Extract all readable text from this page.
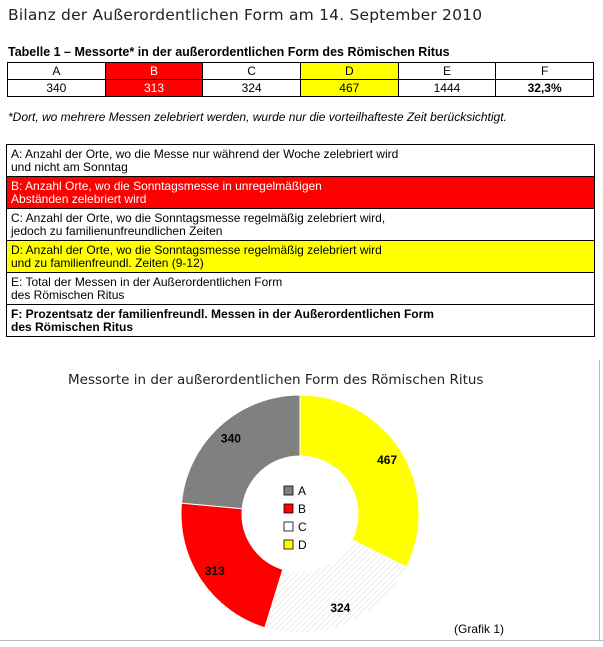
Bilanz der Außerordentlichen Form am 14. September 2010
Tabelle 1 – Messorte* in der außerordentlichen Form des Römischen Ritus
A	B	C	D	E	F
340	313	324	467	1444	32,3%
*Dort, wo mehrere Messen zelebriert werden, wurde nur die vorteilhafteste Zeit berücksichtigt.
A: Anzahl der Orte, wo die Messe nur während der Woche zelebriert wird
und nicht am Sonntag
B: Anzahl Orte, wo die Sonntagsmesse in unregelmäßigen
Abständen zelebriert wird
C: Anzahl der Orte, wo die Sonntagsmesse regelmäßig zelebriert wird,
jedoch zu familienunfreundlichen Zeiten
D: Anzahl der Orte, wo die Sonntagsmesse regelmäßig zelebriert wird
und zu familienfreundl. Zeiten (9-12)
E: Total der Messen in der Außerordentlichen Form
des Römischen Ritus
F: Prozentsatz der familienfreundl. Messen in der Außerordentlichen Form
des Römischen Ritus
Messorte in der außerordentlichen Form des Römischen Ritus
467
324
313
340
A
B
C
D
(Grafik 1)
